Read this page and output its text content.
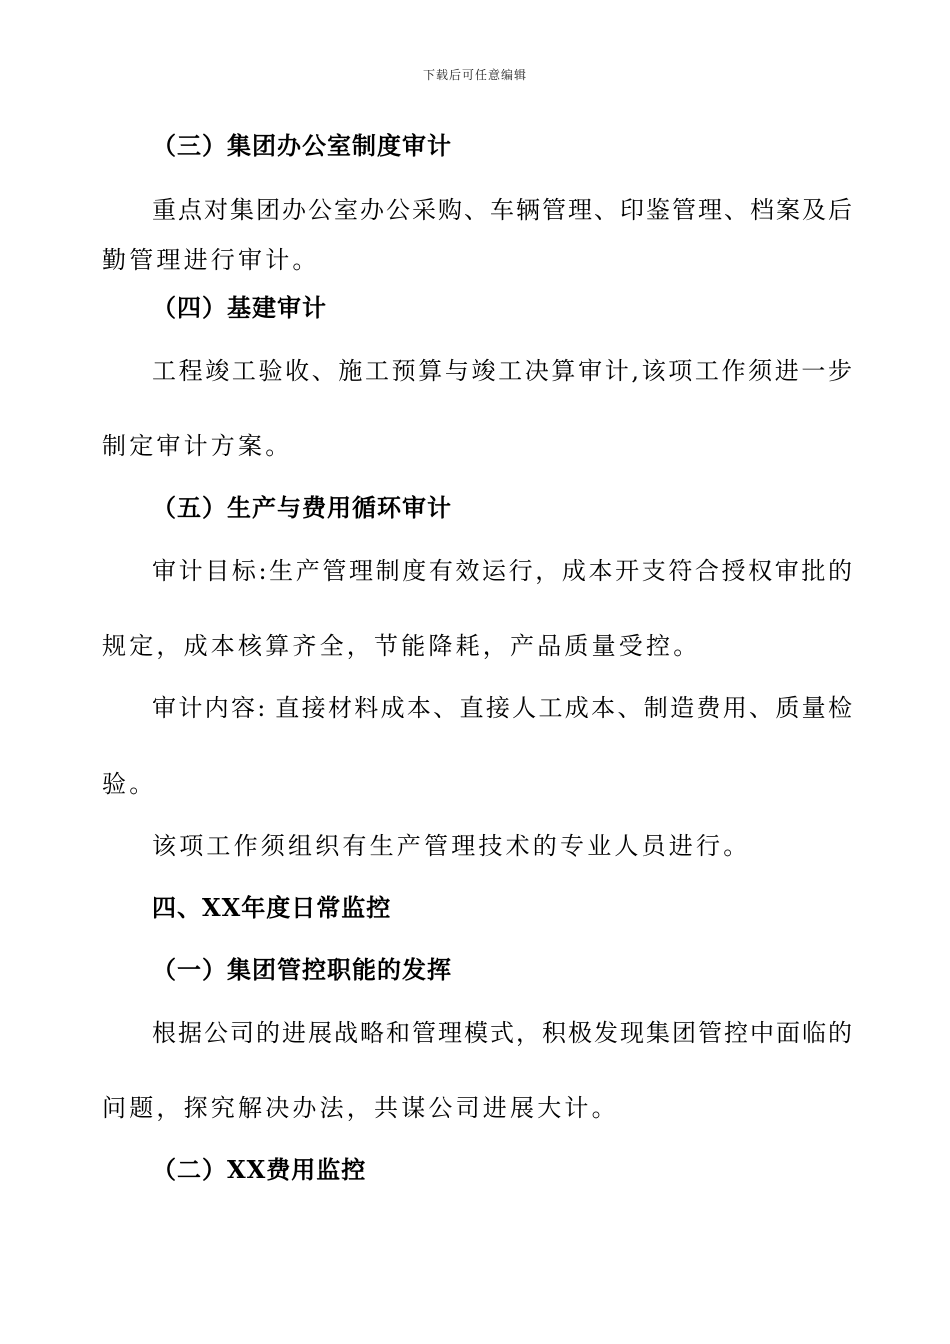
下载后可任意编辑
（三）集团办公室制度审计
重点对集团办公室办公采购、车辆管理、印鉴管理、档案及后
勤管理进行审计。
（四）基建审计
工程竣工验收、施工预算与竣工决算审计,该项工作须进一步
制定审计方案。
（五）生产与费用循环审计
审计目标:生产管理制度有效运行，成本开支符合授权审批的
规定，成本核算齐全，节能降耗，产品质量受控。
审计内容: 直接材料成本、直接人工成本、制造费用、质量检
验。
该项工作须组织有生产管理技术的专业人员进行。
四、XX年度日常监控
（一）集团管控职能的发挥
根据公司的进展战略和管理模式，积极发现集团管控中面临的
问题，探究解决办法，共谋公司进展大计。
（二）XX费用监控
